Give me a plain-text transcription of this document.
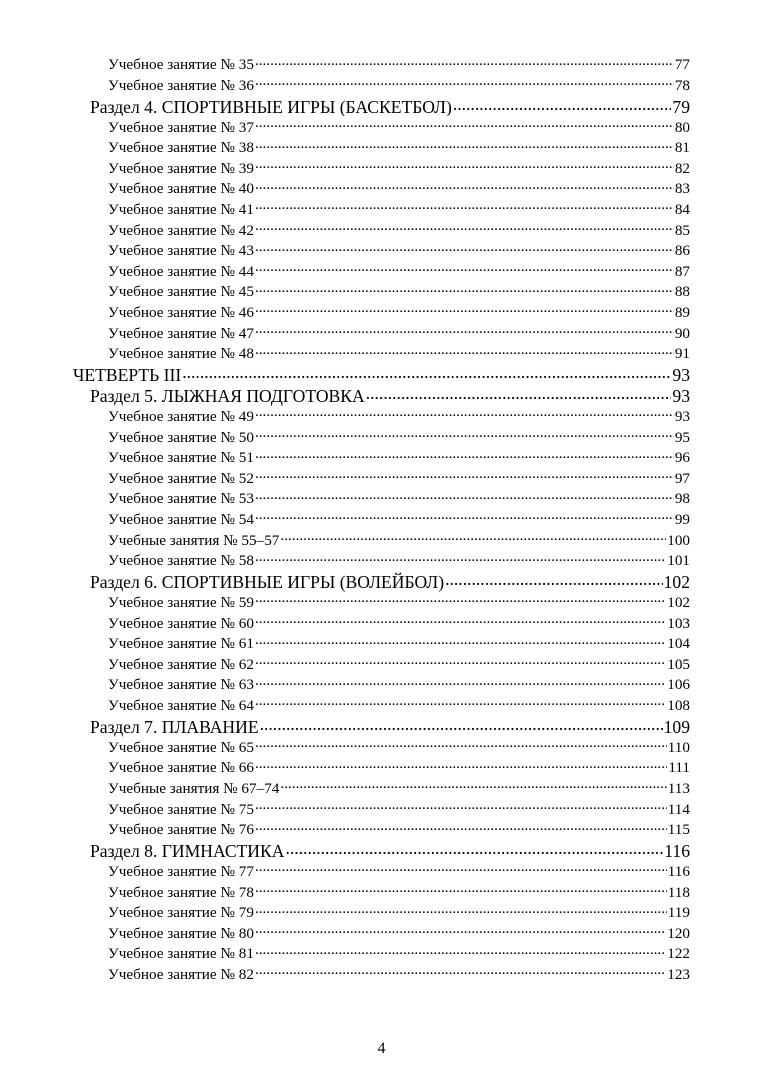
Учебное занятие № 35 .....	77
Учебное занятие № 36 .....	78
Раздел 4. СПОРТИВНЫЕ ИГРЫ (БАСКЕТБОЛ) .....	79
Учебное занятие № 37 .....	80
Учебное занятие № 38 .....	81
Учебное занятие № 39 .....	82
Учебное занятие № 40 .....	83
Учебное занятие № 41 .....	84
Учебное занятие № 42 .....	85
Учебное занятие № 43 .....	86
Учебное занятие № 44 .....	87
Учебное занятие № 45 .....	88
Учебное занятие № 46 .....	89
Учебное занятие № 47 .....	90
Учебное занятие № 48 .....	91
ЧЕТВЕРТЬ III .....	93
Раздел 5. ЛЫЖНАЯ ПОДГОТОВКА .....	93
Учебное занятие № 49 .....	93
Учебное занятие № 50 .....	95
Учебное занятие № 51 .....	96
Учебное занятие № 52 .....	97
Учебное занятие № 53 .....	98
Учебное занятие № 54 .....	99
Учебные занятия № 55–57 .....	100
Учебное занятие № 58 .....	101
Раздел 6. СПОРТИВНЫЕ ИГРЫ (ВОЛЕЙБОЛ) .....	102
Учебное занятие № 59 .....	102
Учебное занятие № 60 .....	103
Учебное занятие № 61 .....	104
Учебное занятие № 62 .....	105
Учебное занятие № 63 .....	106
Учебное занятие № 64 .....	108
Раздел 7. ПЛАВАНИЕ .....	109
Учебное занятие № 65 .....	110
Учебное занятие № 66 .....	111
Учебные занятия № 67–74 .....	113
Учебное занятие № 75 .....	114
Учебное занятие № 76 .....	115
Раздел 8. ГИМНАСТИКА .....	116
Учебное занятие № 77 .....	116
Учебное занятие № 78 .....	118
Учебное занятие № 79 .....	119
Учебное занятие № 80 .....	120
Учебное занятие № 81 .....	122
Учебное занятие № 82 .....	123
4
